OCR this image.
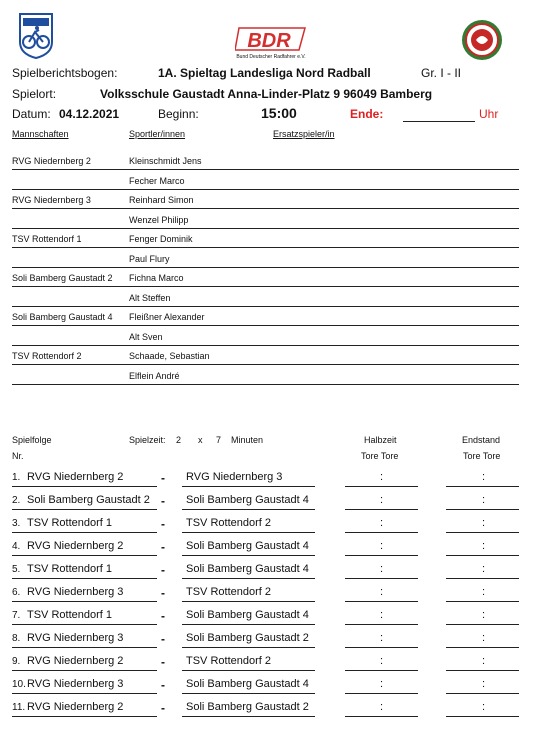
BDR
Bund Deutscher Radfahrer e.V.
Spielberichtsbogen:	1A. Spieltag Landesliga Nord Radball	Gr. I - II
Spielort:	Volksschule Gaustadt Anna-Linder-Platz 9 96049 Bamberg
Datum: 04.12.2021	Beginn:	15:00	Ende:	Uhr
Mannschaften	Sportler/innen	Ersatzspieler/in
RVG Niedernberg 2	Kleinschmidt Jens
Fecher Marco
RVG Niedernberg 3	Reinhard Simon
Wenzel Philipp
TSV Rottendorf 1	Fenger Dominik
Paul Flury
Soli Bamberg Gaustadt 2 Fichna Marco
Alt Steffen
Soli Bamberg Gaustadt 4 Fleißner Alexander
Alt Sven
TSV Rottendorf 2	Schaade, Sebastian
Elflein André
Spielfolge
Nr.
Spielzeit: 2 x 7 Minuten	Halbzeit
Tore Tore
Endstand
Tore Tore
1. RVG Niedernberg 2	- RVG Niedernberg 3	:	:
2. Soli Bamberg Gaustadt 2 - Soli Bamberg Gaustadt 4	:	:
3. TSV Rottendorf 1	- TSV Rottendorf 2	:	:
4. RVG Niedernberg 2	- Soli Bamberg Gaustadt 4	:	:
5. TSV Rottendorf 1	- Soli Bamberg Gaustadt 4	:	:
6. RVG Niedernberg 3	- TSV Rottendorf 2	:	:
7. TSV Rottendorf 1	- Soli Bamberg Gaustadt 4	:	:
8. RVG Niedernberg 3	- Soli Bamberg Gaustadt 2	:	:
9. RVG Niedernberg 2	- TSV Rottendorf 2	:	:
10. RVG Niedernberg 3	- Soli Bamberg Gaustadt 4	:	:
11. RVG Niedernberg 2	- Soli Bamberg Gaustadt 2	:	:
